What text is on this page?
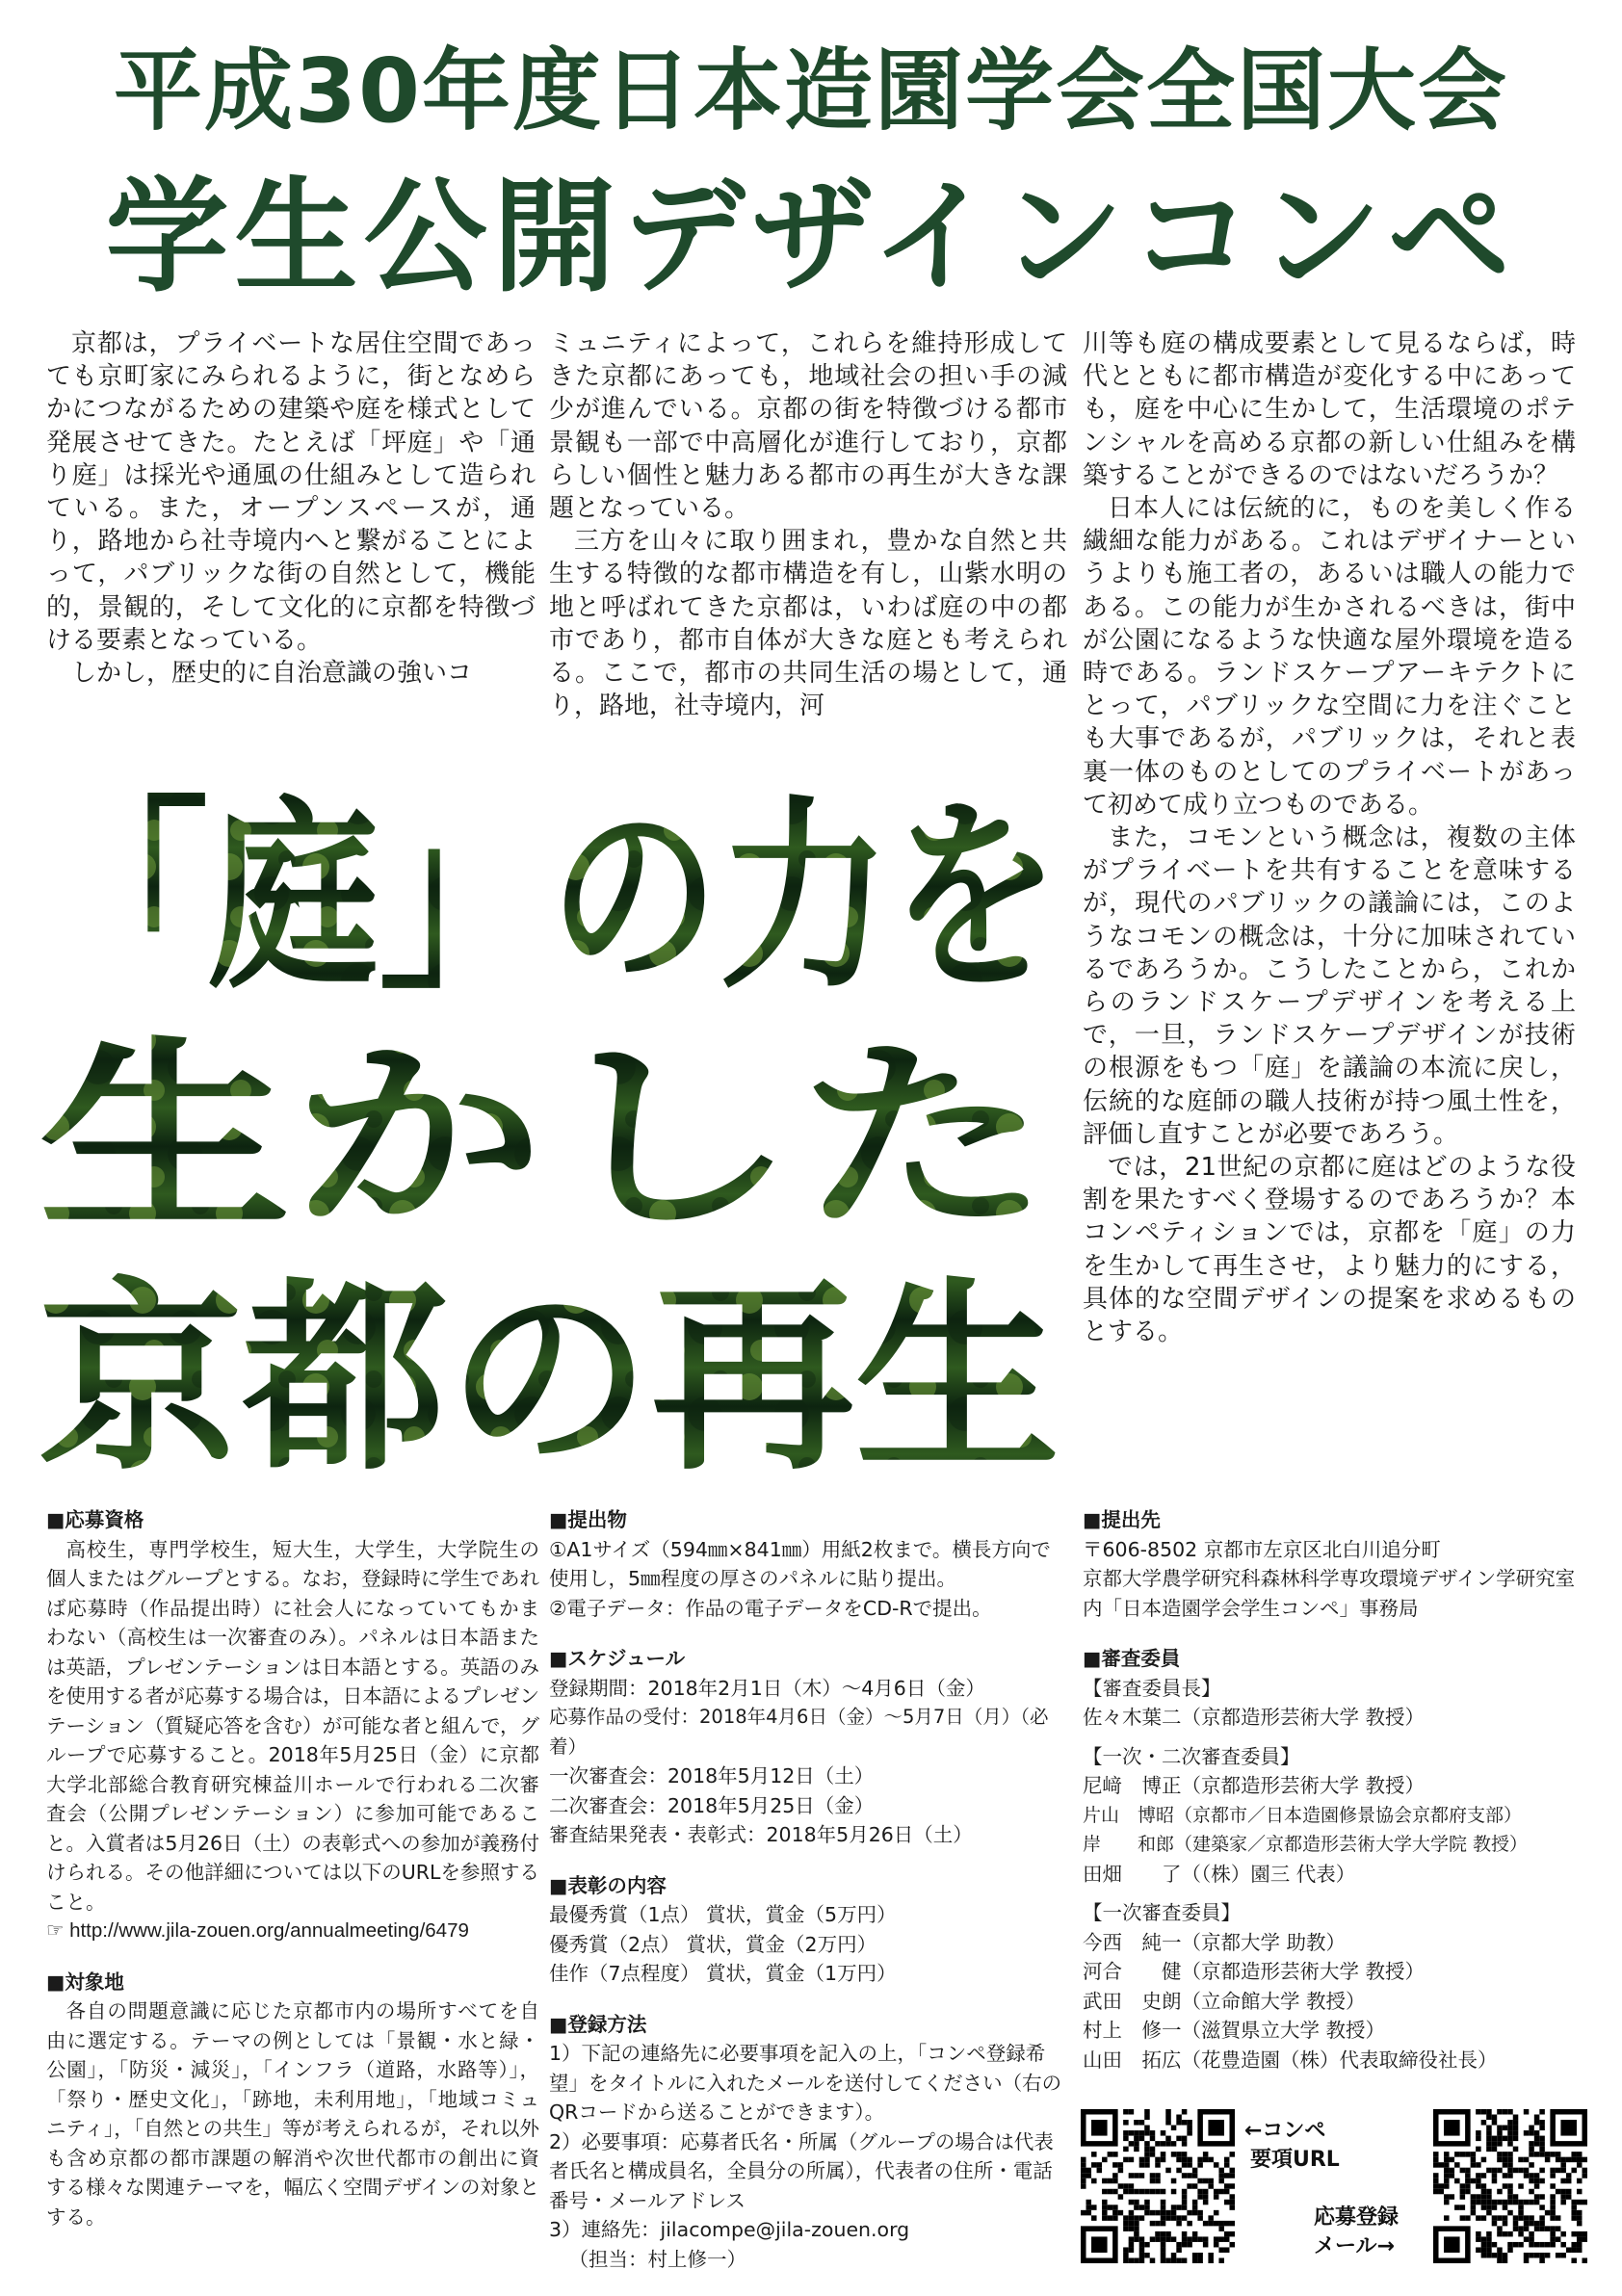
平成30年度日本造園学会全国大会
学生公開デザインコンペ

京都は，プライベートな居住空間であっても京町家にみられるように，街となめらかにつながるための建築や庭を様式として発展させてきた。たとえば「坪庭」や「通り庭」は採光や通風の仕組みとして造られている。また，オープンスペースが，通り，路地から社寺境内へと繋がることによって，パブリックな街の自然として，機能的，景観的，そして文化的に京都を特徴づける要素となっている。

しかし，歴史的に自治意識の強いコ

ミュニティによって，これらを維持形成してきた京都にあっても，地域社会の担い手の減少が進んでいる。京都の街を特徴づける都市景観も一部で中高層化が進行しており，京都らしい個性と魅力ある都市の再生が大きな課題となっている。

三方を山々に取り囲まれ，豊かな自然と共生する特徴的な都市構造を有し，山紫水明の地と呼ばれてきた京都は，いわば庭の中の都市であり，都市自体が大きな庭とも考えられる。ここで，都市の共同生活の場として，通り，路地，社寺境内，河

川等も庭の構成要素として見るならば，時代とともに都市構造が変化する中にあっても，庭を中心に生かして，生活環境のポテンシャルを高める京都の新しい仕組みを構築することができるのではないだろうか？

日本人には伝統的に，ものを美しく作る繊細な能力がある。これはデザイナーというよりも施工者の，あるいは職人の能力である。この能力が生かされるべきは，街中が公園になるような快適な屋外環境を造る時である。ランドスケープアーキテクトにとって，パブリックな空間に力を注ぐことも大事であるが，パブリックは，それと表裏一体のものとしてのプライベートがあって初めて成り立つものである。

また，コモンという概念は，複数の主体がプライベートを共有することを意味するが，現代のパブリックの議論には，このようなコモンの概念は，十分に加味されているであろうか。こうしたことから，これからのランドスケープデザインを考える上で，一旦，ランドスケープデザインが技術の根源をもつ「庭」を議論の本流に戻し，伝統的な庭師の職人技術が持つ風土性を，評価し直すことが必要であろう。

では，21世紀の京都に庭はどのような役割を果たすべく登場するのであろうか？本コンペティションでは，京都を「庭」の力を生かして再生させ，より魅力的にする，具体的な空間デザインの提案を求めるものとする。

「庭」の力を
生かした
京都の再生

■応募資格

高校生，専門学校生，短大生，大学生，大学院生の個人またはグループとする。なお，登録時に学生であれば応募時（作品提出時）に社会人になっていてもかまわない（高校生は一次審査のみ）。パネルは日本語または英語，プレゼンテーションは日本語とする。英語のみを使用する者が応募する場合は，日本語によるプレゼンテーション（質疑応答を含む）が可能な者と組んで，グループで応募すること。2018年5月25日（金）に京都大学北部総合教育研究棟益川ホールで行われる二次審査会（公開プレゼンテーション）に参加可能であること。入賞者は5月26日（土）の表彰式への参加が義務付けられる。その他詳細については以下のURLを参照すること。

☞ http://www.jila-zouen.org/annualmeeting/6479

■対象地

各自の問題意識に応じた京都市内の場所すべてを自由に選定する。テーマの例としては「景観・水と緑・公園」，「防災・減災」，「インフラ（道路，水路等）」，「祭り・歴史文化」，「跡地，未利用地」，「地域コミュニティ」，「自然との共生」等が考えられるが，それ以外も含め京都の都市課題の解消や次世代都市の創出に資する様々な関連テーマを，幅広く空間デザインの対象とする。

■提出物

①A1サイズ（594㎜×841㎜）用紙2枚まで。横長方向で使用し，5㎜程度の厚さのパネルに貼り提出。

②電子データ：作品の電子データをCD-Rで提出。

■スケジュール

登録期間：2018年2月1日（木）～4月6日（金）

応募作品の受付：2018年4月6日（金）～5月7日（月）（必着）

一次審査会：2018年5月12日（土）

二次審査会：2018年5月25日（金）

審査結果発表・表彰式：2018年5月26日（土）

■表彰の内容

最優秀賞（1点） 賞状，賞金（5万円）

優秀賞（2点） 賞状，賞金（2万円）

佳作（7点程度） 賞状，賞金（1万円）

■登録方法

1）下記の連絡先に必要事項を記入の上，「コンペ登録希望」をタイトルに入れたメールを送付してください（右のQRコードから送ることができます）。

2）必要事項：応募者氏名・所属（グループの場合は代表者氏名と構成員名，全員分の所属），代表者の住所・電話番号・メールアドレス

3）連絡先：jilacompe@jila-zouen.org

（担当：村上修一）

■提出先

〒606-8502 京都市左京区北白川追分町

京都大学農学研究科森林科学専攻環境デザイン学研究室内「日本造園学会学生コンペ」事務局

■審査委員

【審査委員長】

佐々木葉二（京都造形芸術大学 教授）

【一次・二次審査委員】

尼﨑　博正（京都造形芸術大学 教授）

片山　博昭（京都市／日本造園修景協会京都府支部）

岸　　和郎（建築家／京都造形芸術大学大学院 教授）

田畑　　了（（株）園三 代表）

【一次審査委員】

今西　純一（京都大学 助教）

河合　　健（京都造形芸術大学 教授）

武田　史朗（立命館大学 教授）

村上　修一（滋賀県立大学 教授）

山田　拓広（花豊造園（株）代表取締役社長）

←コンペ
要項URL
応募登録
メール→
